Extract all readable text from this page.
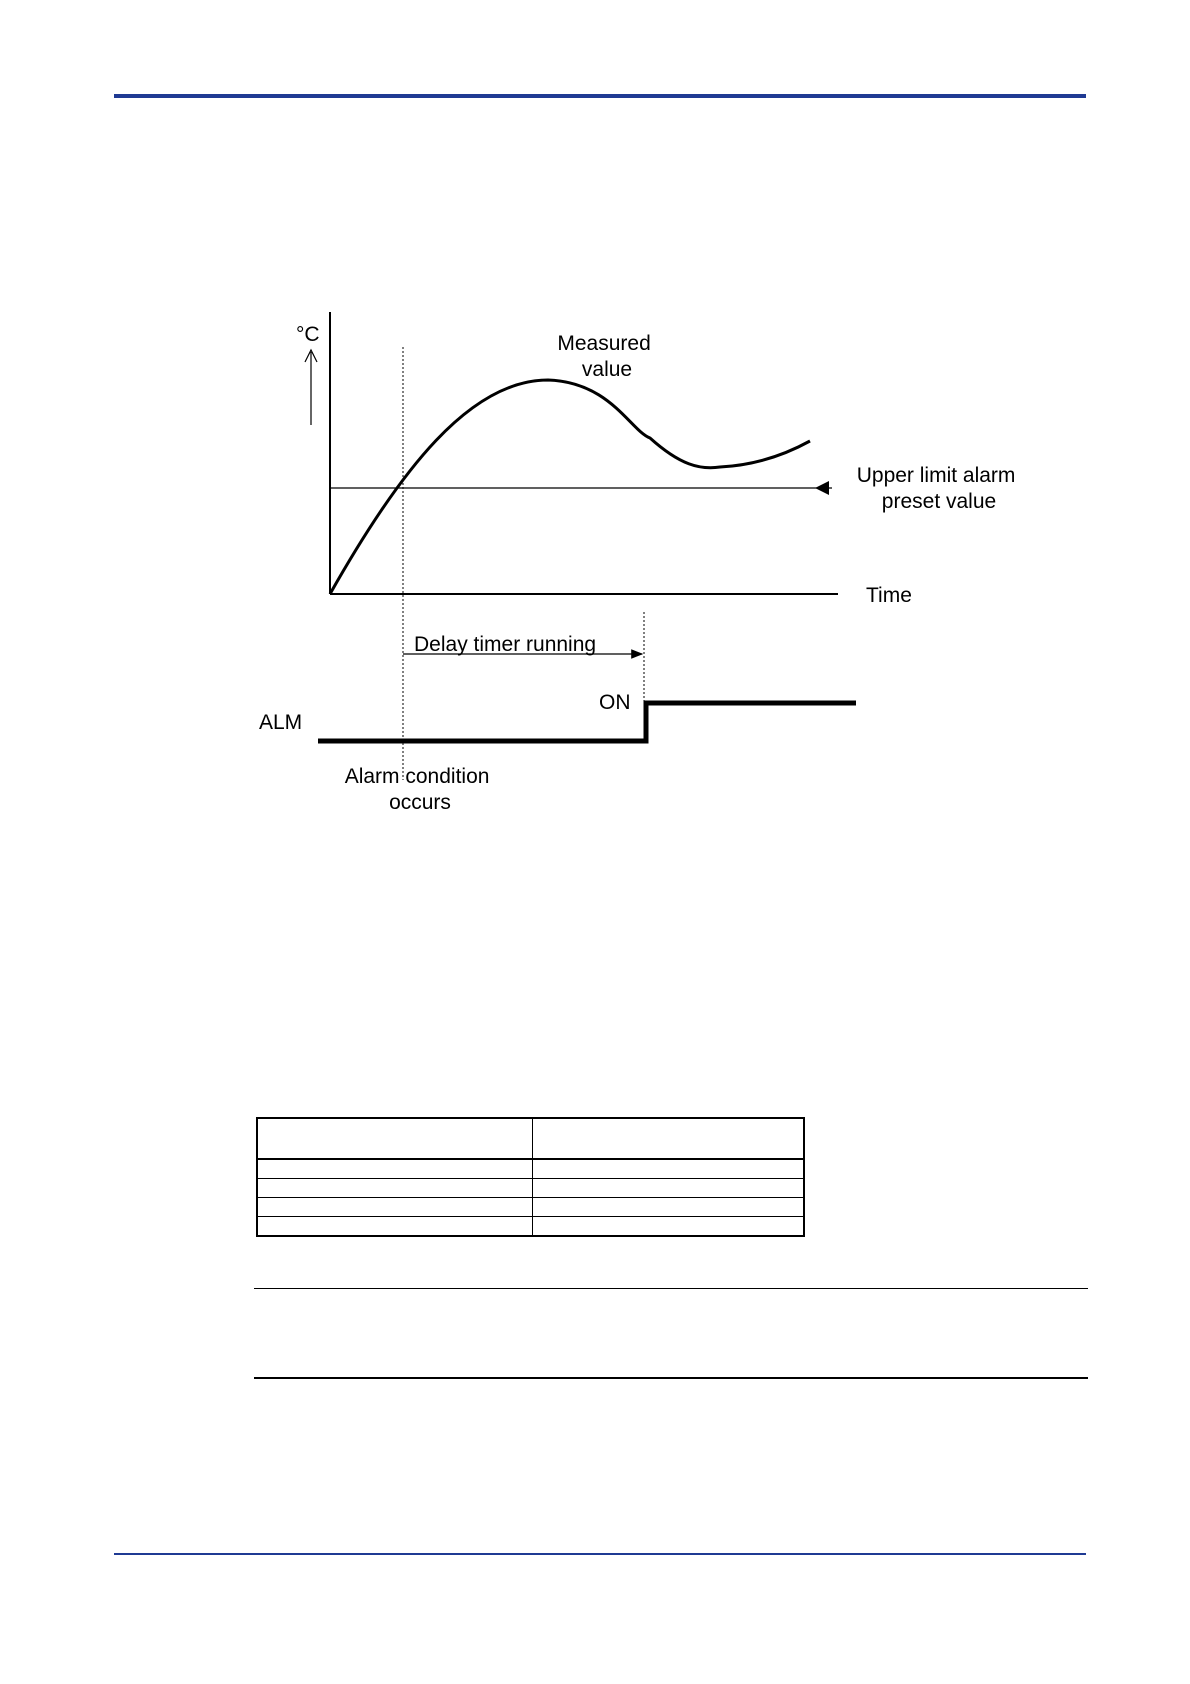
°C	Measured value
Upper limit alarm preset value
Time
Delay timer running
ON
ALM
Alarm condition occurs
